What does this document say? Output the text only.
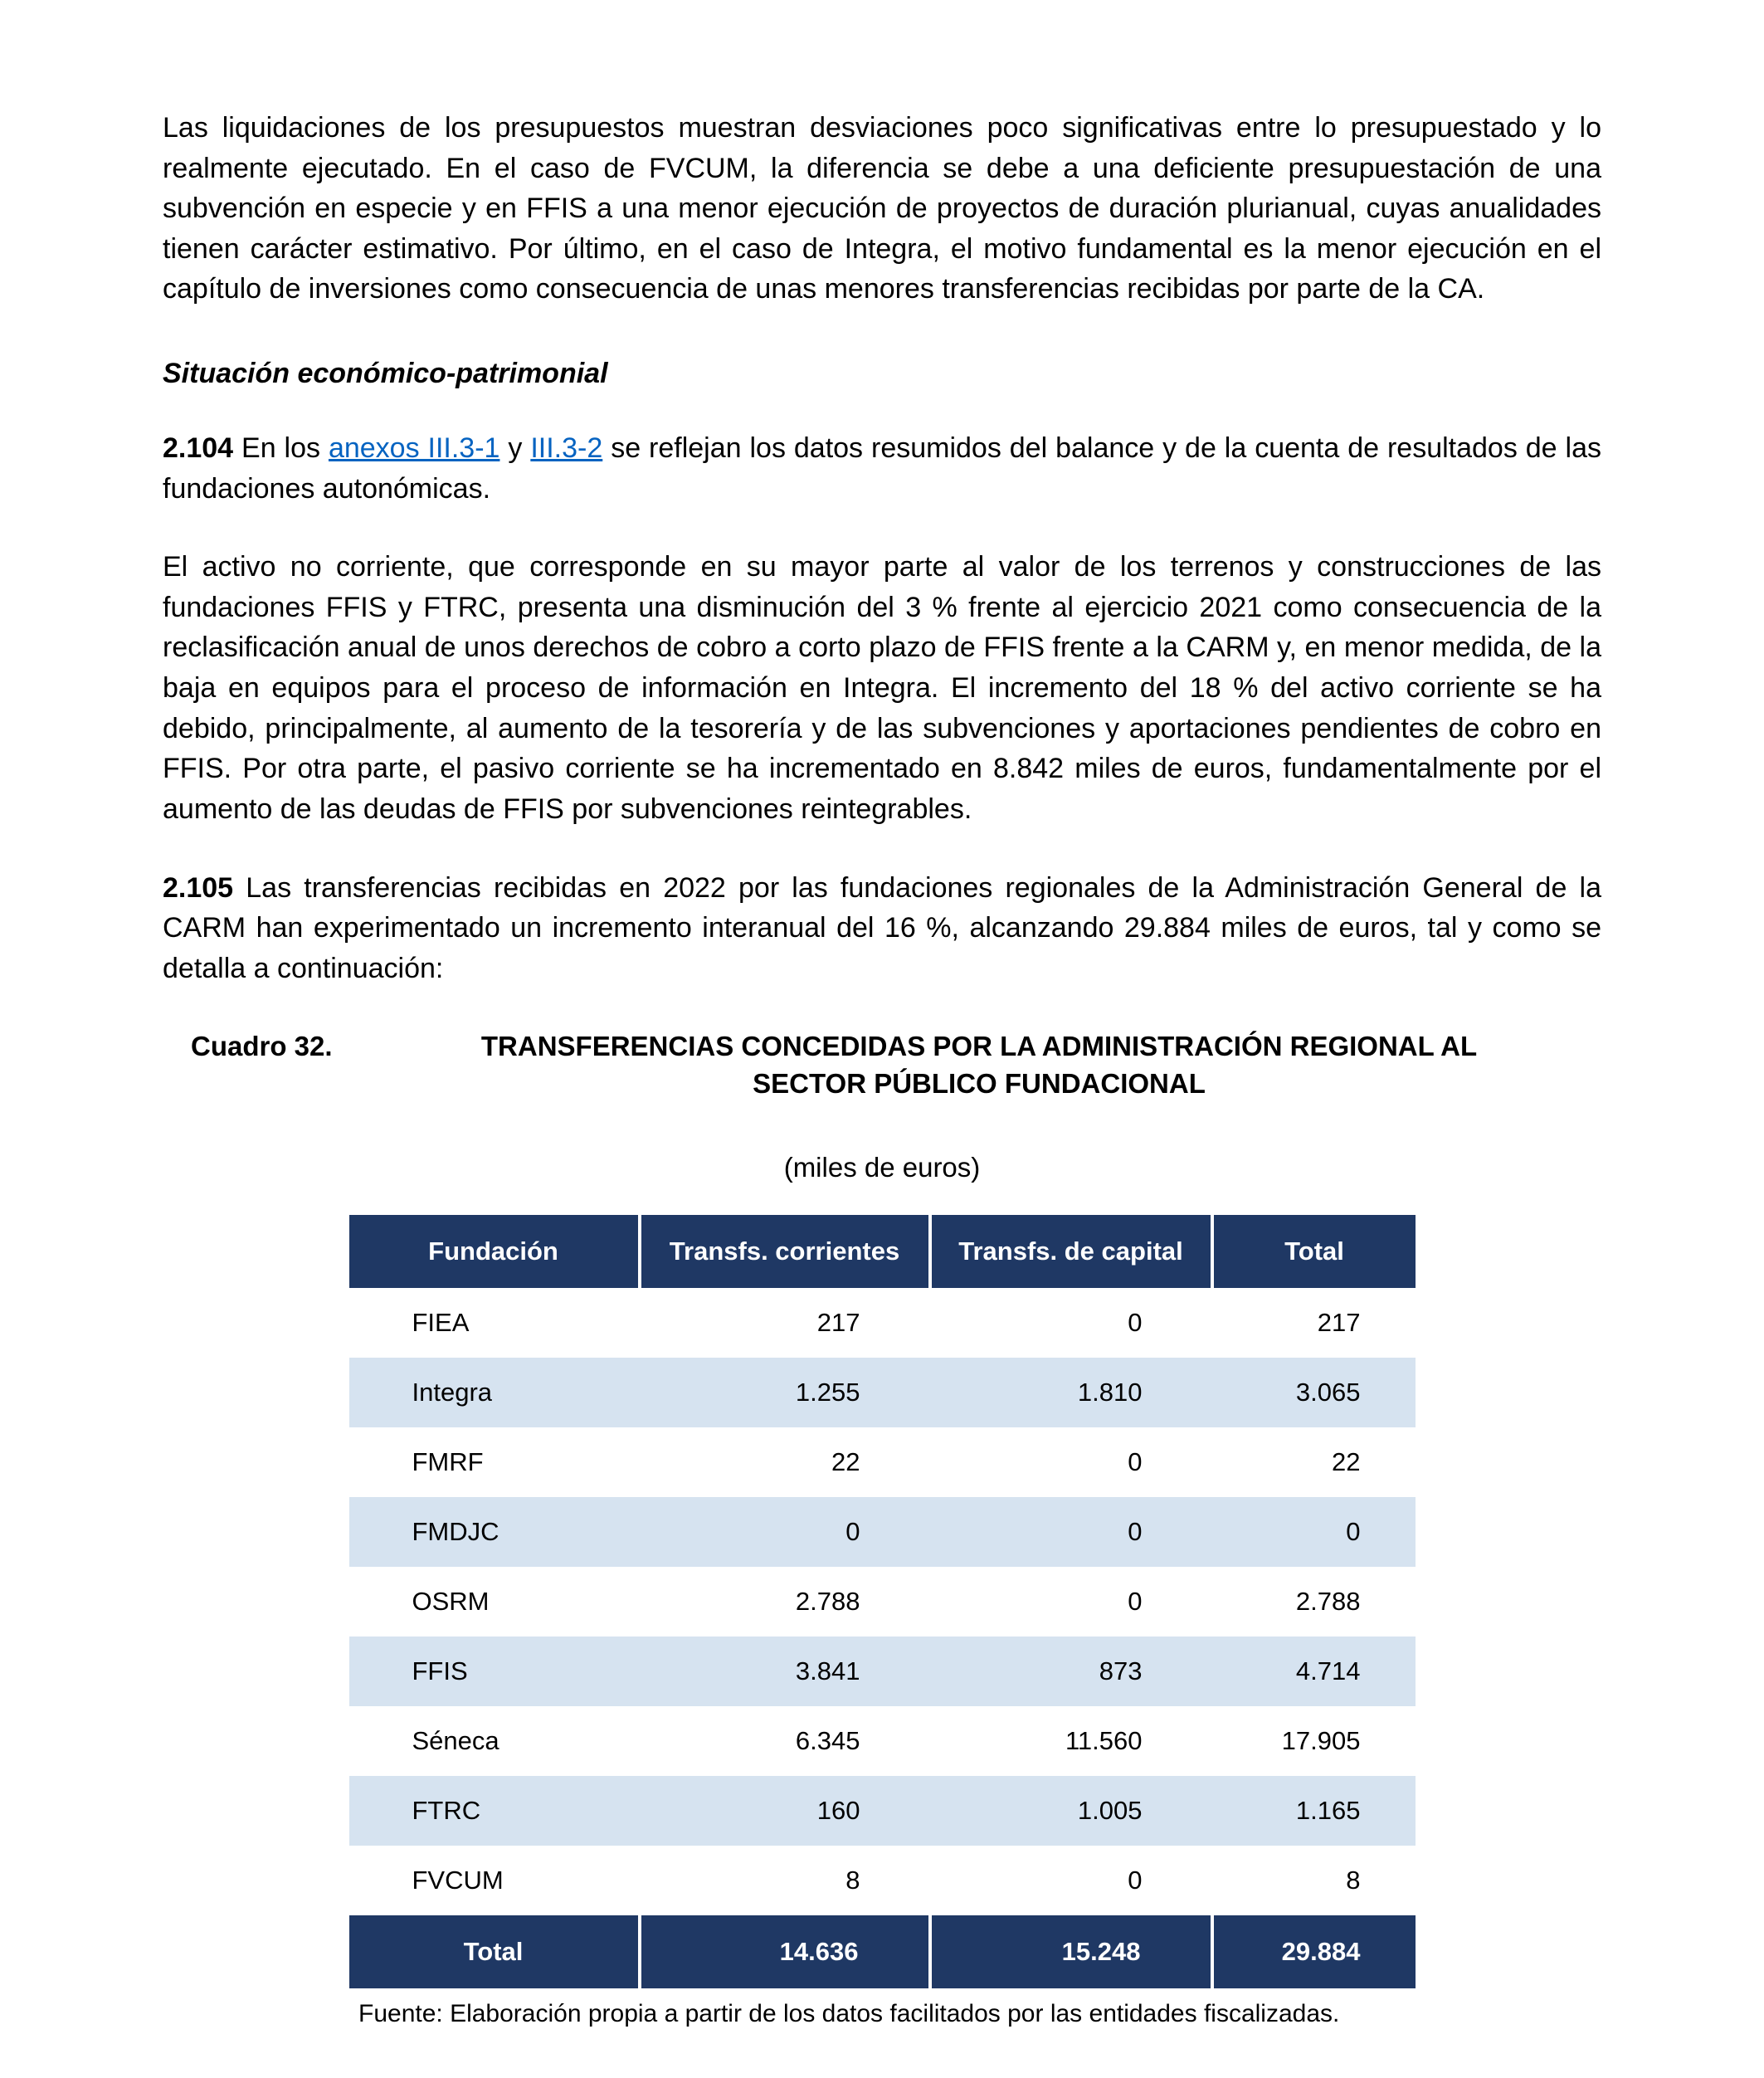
Las liquidaciones de los presupuestos muestran desviaciones poco significativas entre lo presupuestado y lo realmente ejecutado. En el caso de FVCUM, la diferencia se debe a una deficiente presupuestación de una subvención en especie y en FFIS a una menor ejecución de proyectos de duración plurianual, cuyas anualidades tienen carácter estimativo. Por último, en el caso de Integra, el motivo fundamental es la menor ejecución en el capítulo de inversiones como consecuencia de unas menores transferencias recibidas por parte de la CA.

Situación económico-patrimonial

2.104 En los anexos III.3-1 y III.3-2 se reflejan los datos resumidos del balance y de la cuenta de resultados de las fundaciones autonómicas.

El activo no corriente, que corresponde en su mayor parte al valor de los terrenos y construcciones de las fundaciones FFIS y FTRC, presenta una disminución del 3 % frente al ejercicio 2021 como consecuencia de la reclasificación anual de unos derechos de cobro a corto plazo de FFIS frente a la CARM y, en menor medida, de la baja en equipos para el proceso de información en Integra. El incremento del 18 % del activo corriente se ha debido, principalmente, al aumento de la tesorería y de las subvenciones y aportaciones pendientes de cobro en FFIS. Por otra parte, el pasivo corriente se ha incrementado en 8.842 miles de euros, fundamentalmente por el aumento de las deudas de FFIS por subvenciones reintegrables.

2.105 Las transferencias recibidas en 2022 por las fundaciones regionales de la Administración General de la CARM han experimentado un incremento interanual del 16 %, alcanzando 29.884 miles de euros, tal y como se detalla a continuación:

Cuadro 32.	TRANSFERENCIAS CONCEDIDAS POR LA ADMINISTRACIÓN REGIONAL AL SECTOR PÚBLICO FUNDACIONAL
(miles de euros)
Fundación	Transfs. corrientes	Transfs. de capital	Total
FIEA	217	0	217
Integra	1.255	1.810	3.065
FMRF	22	0	22
FMDJC	0	0	0
OSRM	2.788	0	2.788
FFIS	3.841	873	4.714
Séneca	6.345	11.560	17.905
FTRC	160	1.005	1.165
FVCUM	8	0	8
Total	14.636	15.248	29.884
Fuente: Elaboración propia a partir de los datos facilitados por las entidades fiscalizadas.
